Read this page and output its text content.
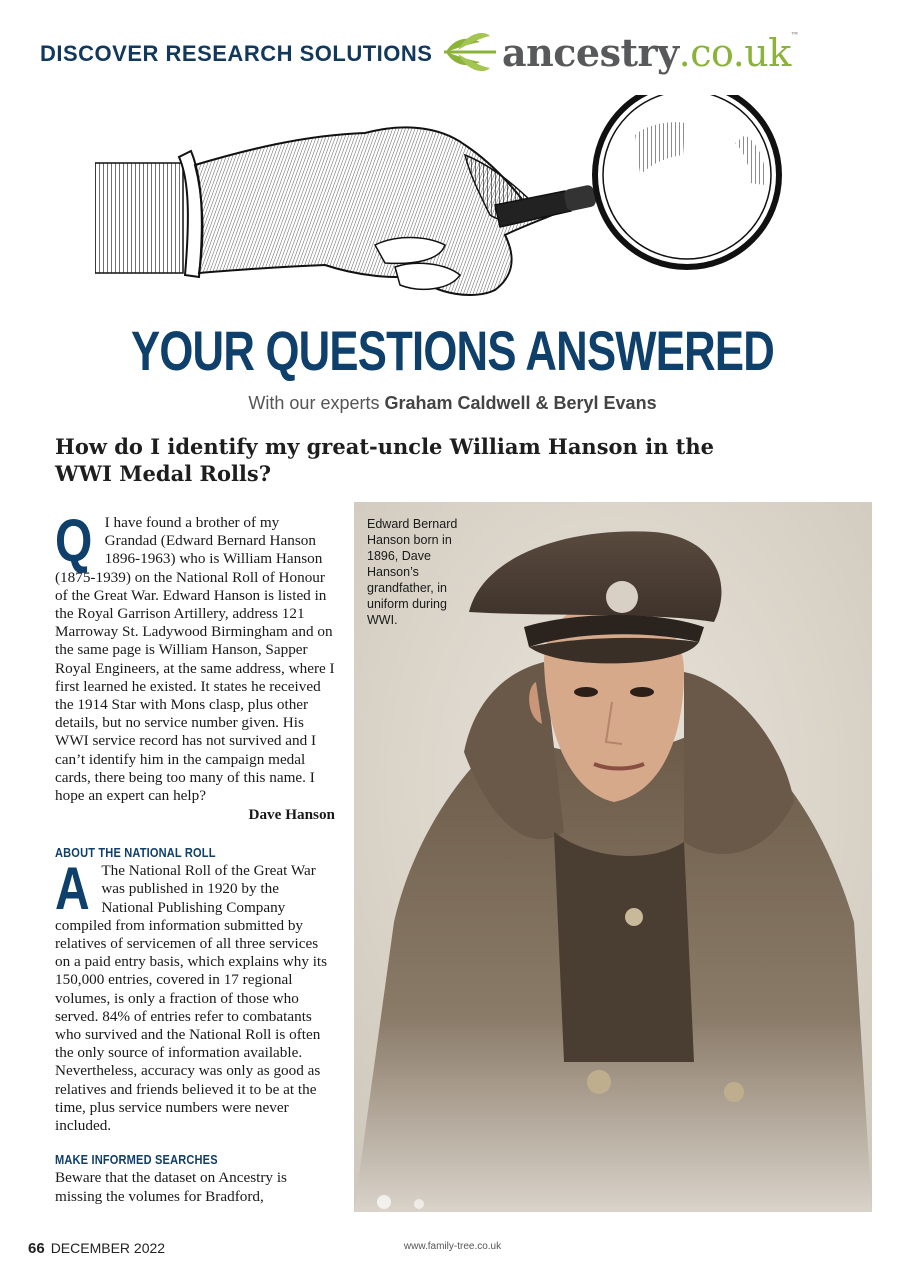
DISCOVER RESEARCH SOLUTIONS ancestry.co.uk™
YOUR QUESTIONS ANSWERED
With our experts Graham Caldwell & Beryl Evans
How do I identify my great-uncle William Hanson in the WWI Medal Rolls?

Q I have found a brother of my Grandad (Edward Bernard Hanson 1896-1963) who is William Hanson (1875-1939) on the National Roll of Honour of the Great War. Edward Hanson is listed in the Royal Garrison Artillery, address 121 Marroway St. Ladywood Birmingham and on the same page is William Hanson, Sapper Royal Engineers, at the same address, where I first learned he existed. It states he received the 1914 Star with Mons clasp, plus other details, but no service number given. His WWI service record has not survived and I can’t identify him in the campaign medal cards, there being too many of this name. I hope an expert can help?

Dave Hanson

ABOUT THE NATIONAL ROLL

A The National Roll of the Great War was published in 1920 by the National Publishing Company compiled from information submitted by relatives of servicemen of all three services on a paid entry basis, which explains why its 150,000 entries, covered in 17 regional volumes, is only a fraction of those who served. 84% of entries refer to combatants who survived and the National Roll is often the only source of information available. Nevertheless, accuracy was only as good as relatives and friends believed it to be at the time, plus service numbers were never included.

MAKE INFORMED SEARCHES

Beware that the dataset on Ancestry is missing the volumes for Bradford,

Edward Bernard Hanson born in 1896, Dave Hanson’s grandfather, in uniform during WWI.
66 DECEMBER 2022	www.family-tree.co.uk
